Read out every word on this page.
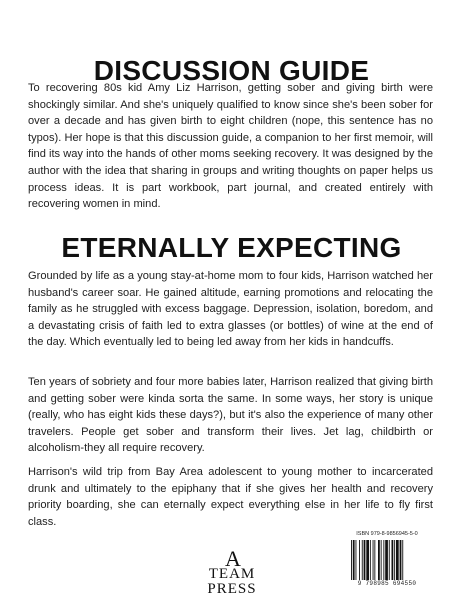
DISCUSSION GUIDE

To recovering 80s kid Amy Liz Harrison, getting sober and giving birth were shockingly similar. And she's uniquely qualified to know since she's been sober for over a decade and has given birth to eight children (nope, this sentence has no typos). Her hope is that this discussion guide, a companion to her first memoir, will find its way into the hands of other moms seeking recovery. It was designed by the author with the idea that sharing in groups and writing thoughts on paper helps us process ideas. It is part workbook, part journal, and created entirely with recovering women in mind.

ETERNALLY EXPECTING

Grounded by life as a young stay-at-home mom to four kids, Harrison watched her husband's career soar. He gained altitude, earning promotions and relocating the family as he struggled with excess baggage. Depression, isolation, boredom, and a devastating crisis of faith led to extra glasses (or bottles) of wine at the end of the day. Which eventually led to being led away from her kids in handcuffs.

Ten years of sobriety and four more babies later, Harrison realized that giving birth and getting sober were kinda sorta the same. In some ways, her story is unique (really, who has eight kids these days?), but it's also the experience of many other travelers. People get sober and transform their lives. Jet lag, childbirth or alcoholism-they all require recovery.

Harrison's wild trip from Bay Area adolescent to young mother to incarcerated drunk and ultimately to the epiphany that if she gives her health and recovery priority boarding, she can eternally expect everything else in her life to fly first class.

A
TEAM
PRESS
ISBN 979-8-9856945-5-0
9 798985 694550
